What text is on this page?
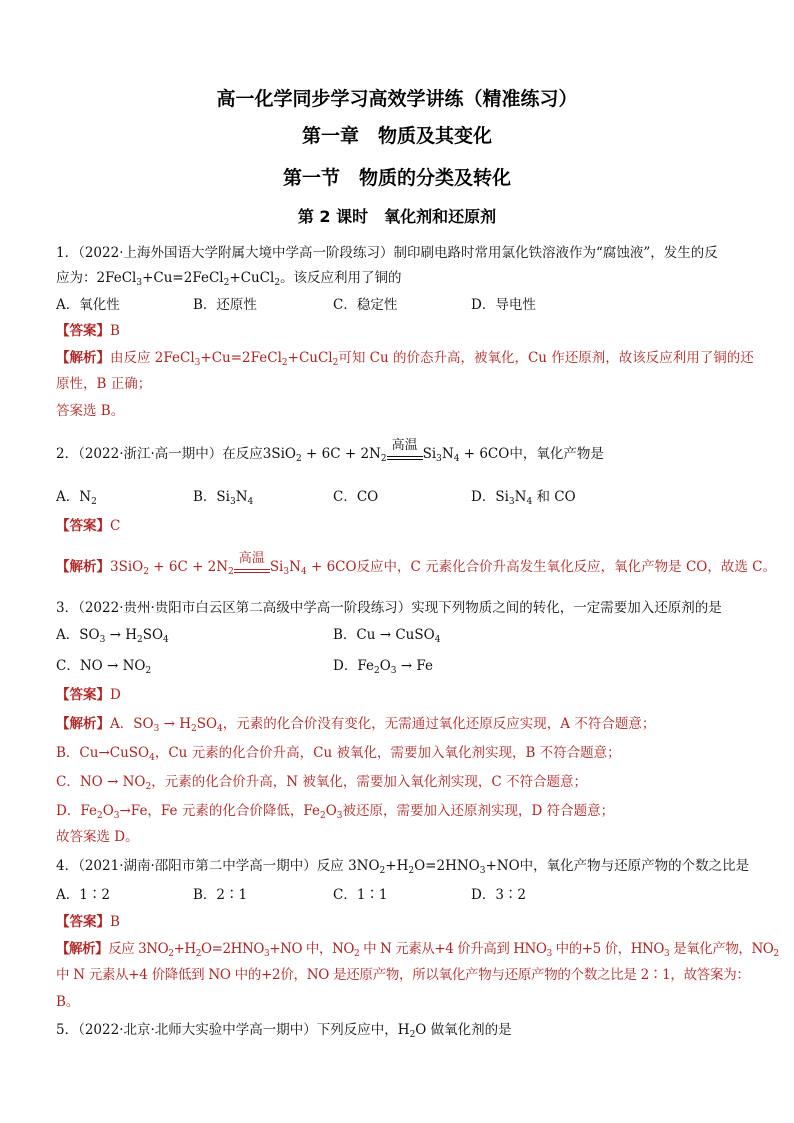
高一化学同步学习高效学讲练（精准练习）
第一章　物质及其变化
第一节　物质的分类及转化
第 2 课时　氧化剂和还原剂
1．（2022·上海外国语大学附属大境中学高一阶段练习）制印刷电路时常用氯化铁溶液作为“腐蚀液”，发生的反
应为：2FeCl$_3$+Cu=2FeCl$_2$+CuCl$_2$。该反应利用了铜的
A．氧化性	B．还原性	C．稳定性	D．导电性
【答案】B
【解析】由反应 2FeCl$_3$+Cu=2FeCl$_2$+CuCl$_2$可知 Cu 的价态升高，被氧化，Cu 作还原剂，故该反应利用了铜的还
原性，B 正确；
答案选 B。
2．（2022·浙江·高一期中）在反应$3SiO_2 + 6C + 2N_2$
高温
$Si_3N_4 + 6CO$中，氧化产物是
A．$N_2$	B．$Si_3N_4$	C．CO	D．$Si_3N_4$ 和 CO
【答案】C
【解析】$3SiO_2 + 6C + 2N_2$
高温
$Si_3N_4 + 6CO$反应中，C 元素化合价升高发生氧化反应，氧化产物是 CO，故选 C。
3．（2022·贵州·贵阳市白云区第二高级中学高一阶段练习）实现下列物质之间的转化，一定需要加入还原剂的是
A．$SO_3 \to H_2SO_4$	B．Cu → CuSO$_4$
C．NO → $NO_2$	D．$Fe_2O_3 \to Fe$
【答案】D
【解析】A．$SO_3 \to H_2SO_4$，元素的化合价没有变化，无需通过氧化还原反应实现，A 不符合题意；
B．Cu→CuSO$_4$，Cu 元素的化合价升高，Cu 被氧化，需要加入氧化剂实现，B 不符合题意；
C．NO → $NO_2$，元素的化合价升高，N 被氧化，需要加入氧化剂实现，C 不符合题意；
D．$Fe_2O_3\to Fe$，Fe 元素的化合价降低，$Fe_2O_3$被还原，需要加入还原剂实现，D 符合题意；
故答案选 D。
4．（2021·湖南·邵阳市第二中学高一期中）反应 $3NO_2+H_2O=2HNO_3+NO$中，氧化产物与还原产物的个数之比是
A．1∶2	B．2∶1	C．1∶1	D．3∶2
【答案】B
【解析】反应 $3NO_2+H_2O=2HNO_3+NO$ 中，$NO_2$ 中 N 元素从+4 价升高到 $HNO_3$ 中的+5 价，$HNO_3$ 是氧化产物，$NO_2$
中 N 元素从+4 价降低到 NO 中的+2价，NO 是还原产物，所以氧化产物与还原产物的个数之比是 2∶1，故答案为：
B。
5．（2022·北京·北师大实验中学高一期中）下列反应中，$H_2O$ 做氧化剂的是
